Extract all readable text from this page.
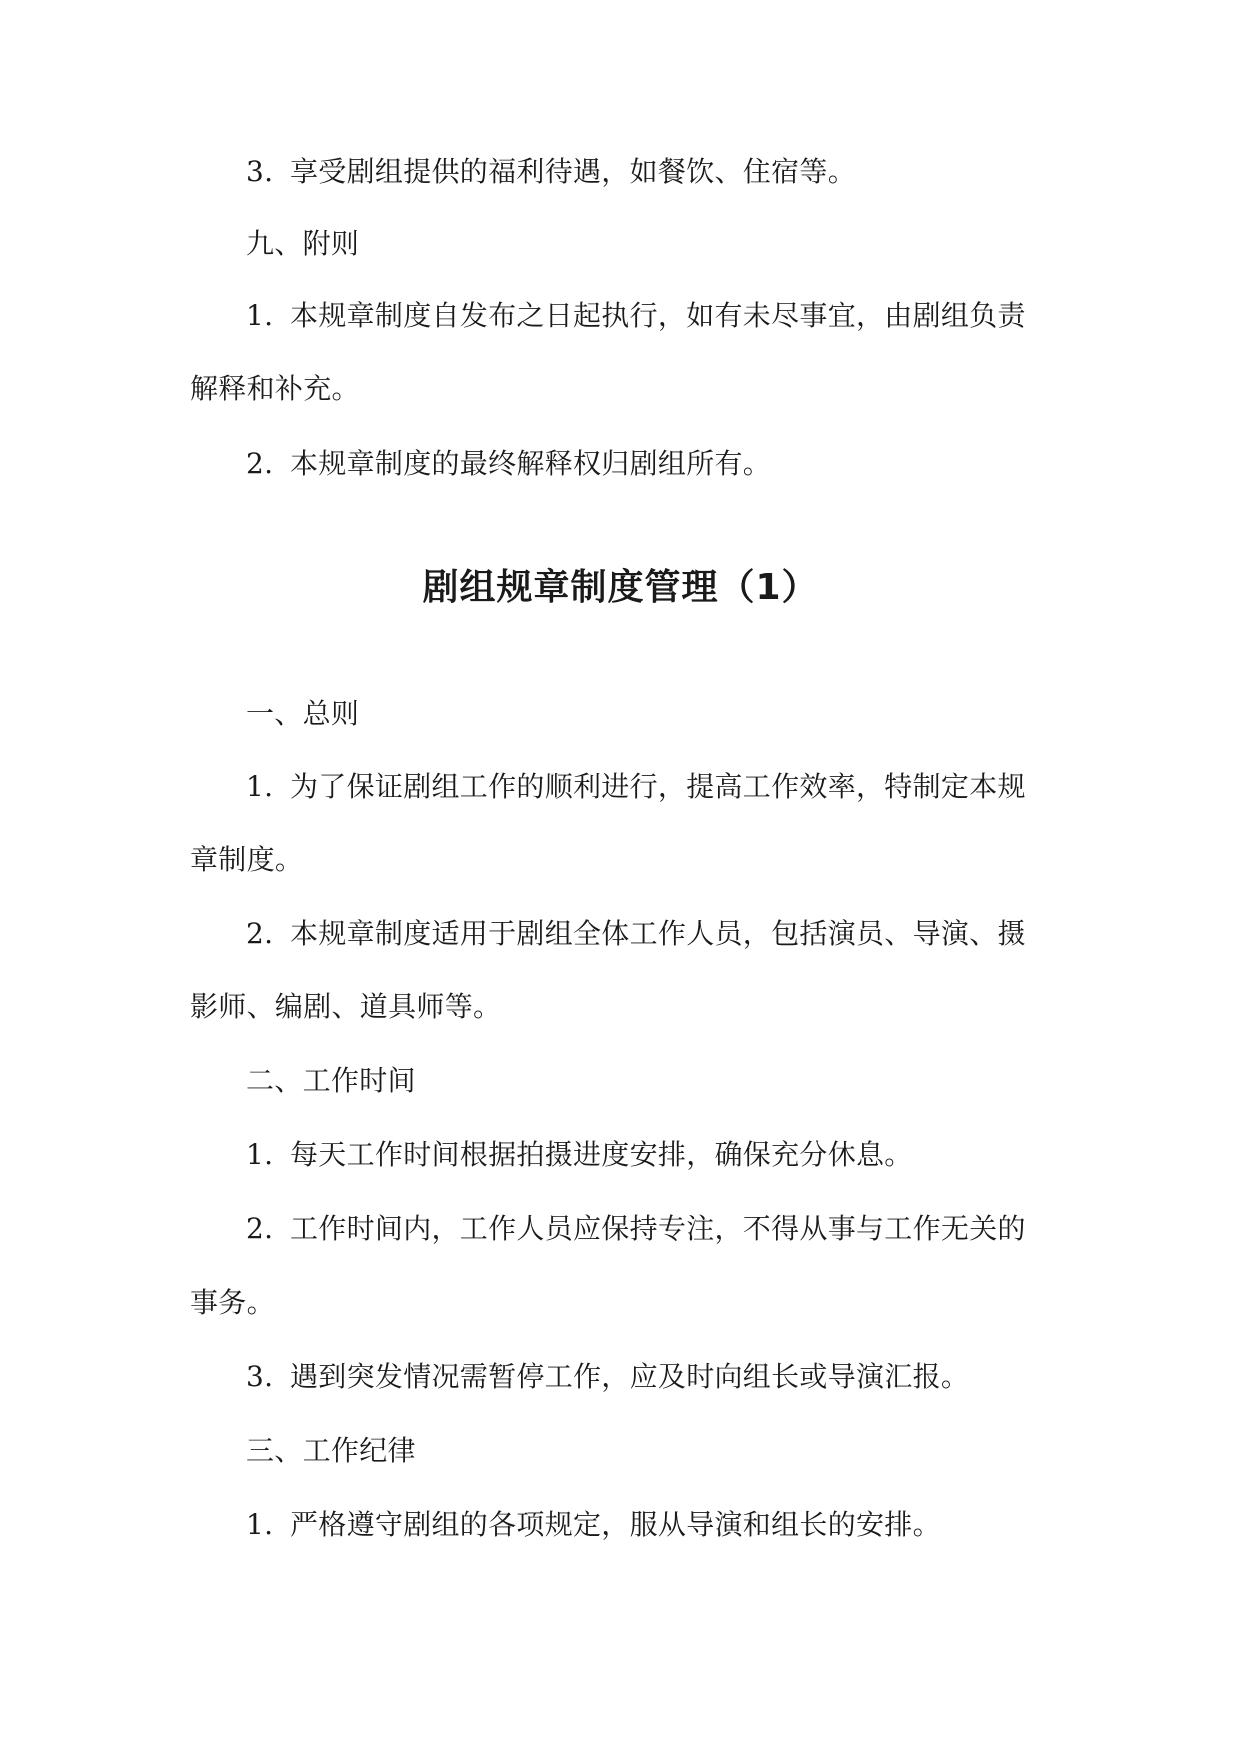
3. 享受剧组提供的福利待遇，如餐饮、住宿等。
九、附则
1. 本规章制度自发布之日起执行，如有未尽事宜，由剧组负责
解释和补充。
2. 本规章制度的最终解释权归剧组所有。
剧组规章制度管理（1）
一、总则
1. 为了保证剧组工作的顺利进行，提高工作效率，特制定本规
章制度。
2. 本规章制度适用于剧组全体工作人员，包括演员、导演、摄
影师、编剧、道具师等。
二、工作时间
1. 每天工作时间根据拍摄进度安排，确保充分休息。
2. 工作时间内，工作人员应保持专注，不得从事与工作无关的
事务。
3. 遇到突发情况需暂停工作，应及时向组长或导演汇报。
三、工作纪律
1. 严格遵守剧组的各项规定，服从导演和组长的安排。
